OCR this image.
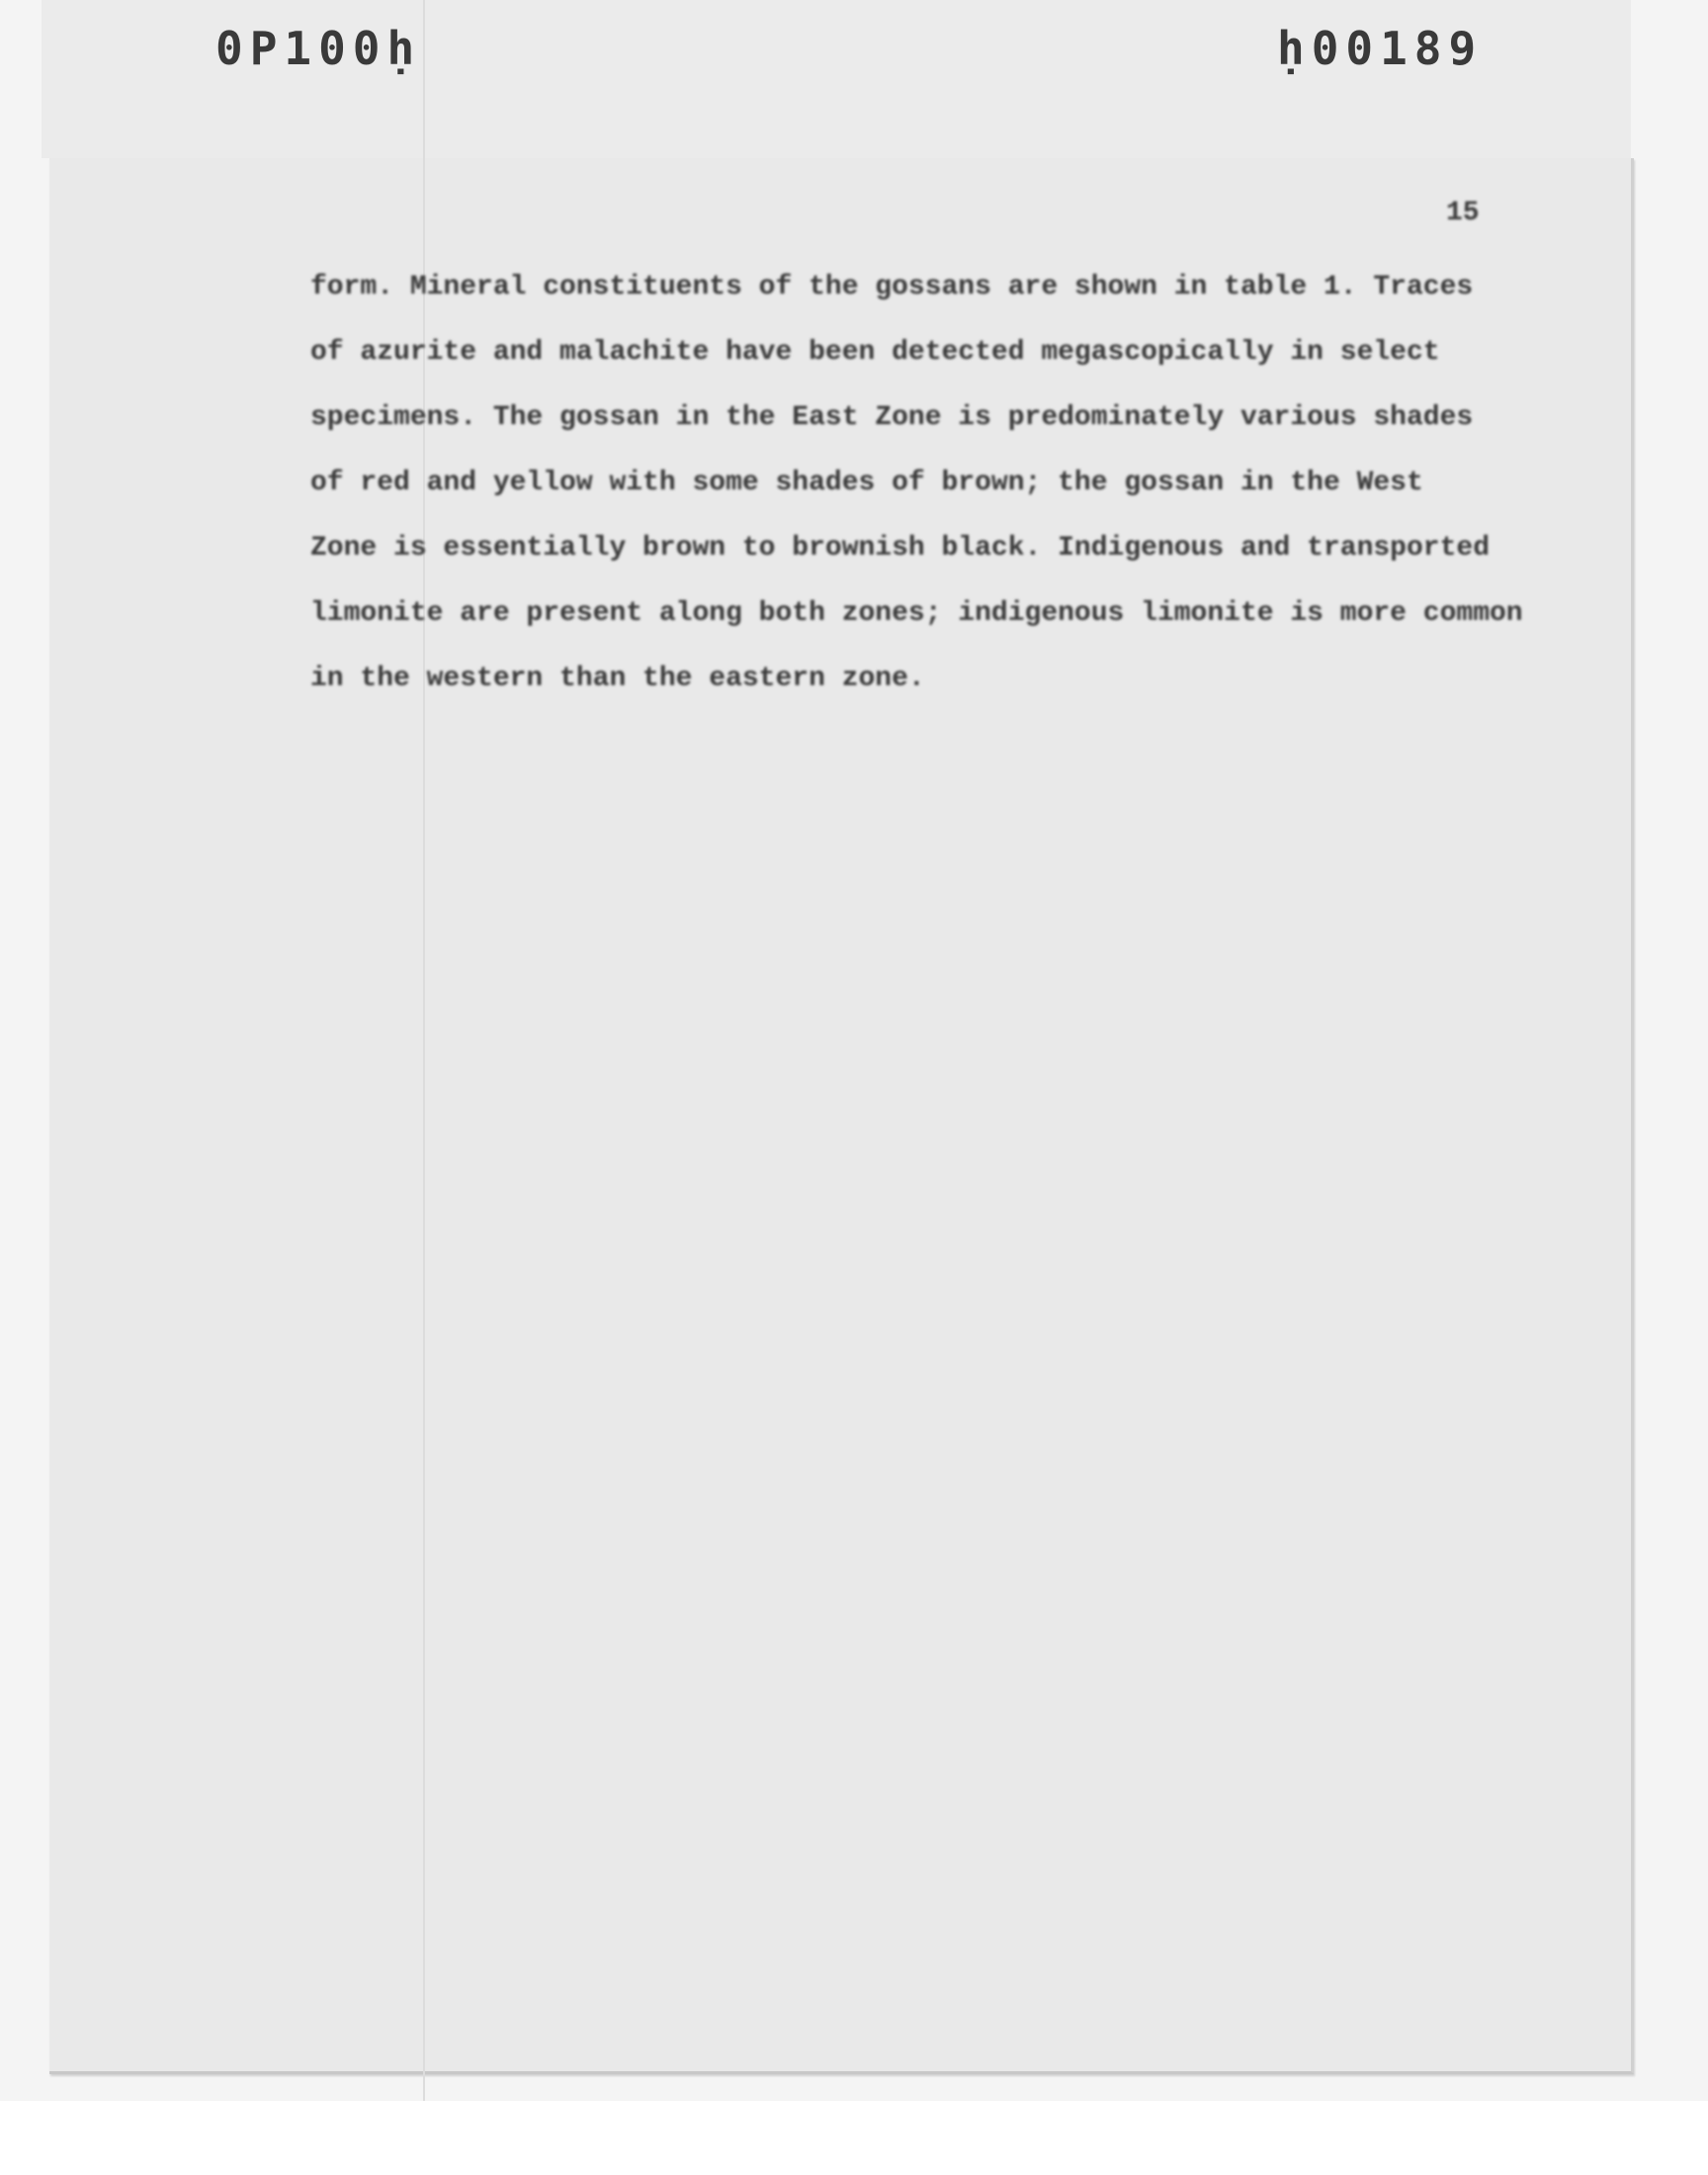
0P100ḥ	ḥ00189
15
form. Mineral constituents of the gossans are shown in table 1. Traces
of azurite and malachite have been detected megascopically in select
specimens. The gossan in the East Zone is predominately various shades
of red and yellow with some shades of brown; the gossan in the West
Zone is essentially brown to brownish black. Indigenous and transported
limonite are present along both zones; indigenous limonite is more common
in the western than the eastern zone.
